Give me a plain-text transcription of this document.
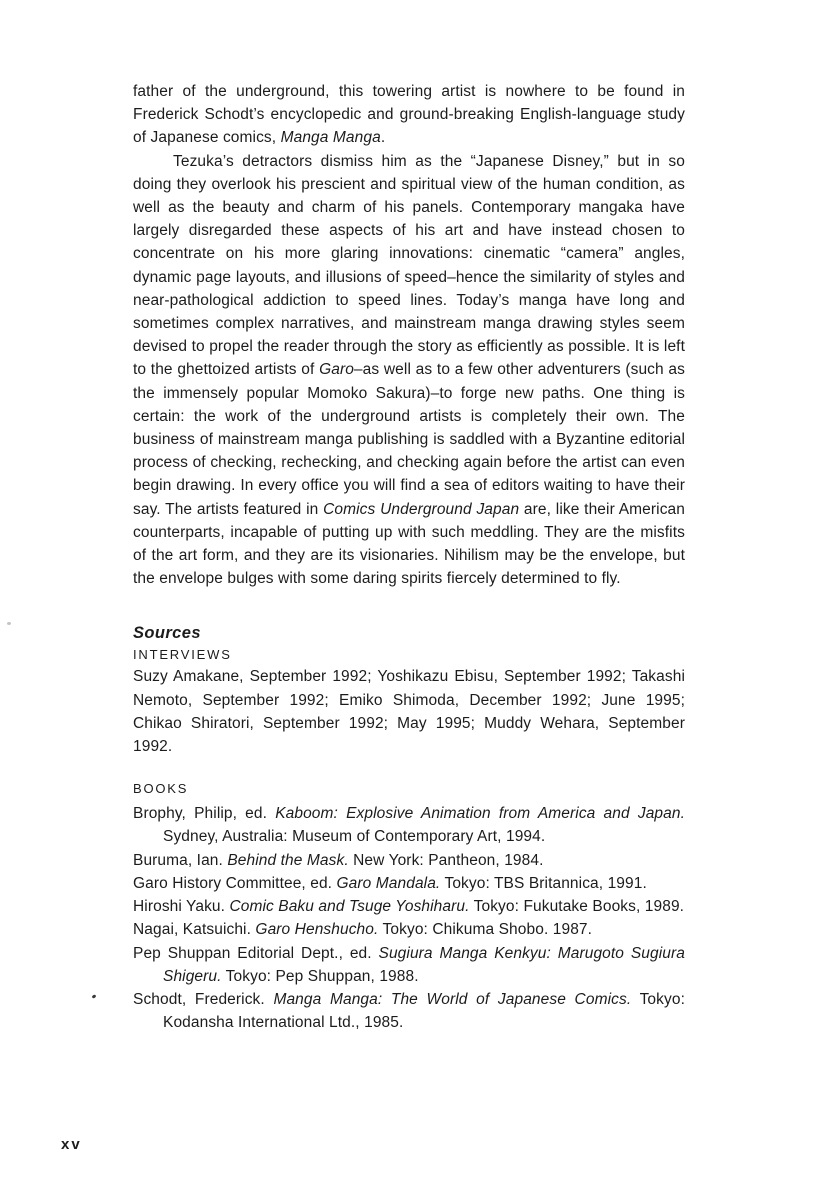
father of the underground, this towering artist is nowhere to be found in Frederick Schodt’s encyclopedic and ground-breaking English-language study of Japanese comics, Manga Manga.

Tezuka’s detractors dismiss him as the “Japanese Disney,” but in so doing they overlook his prescient and spiritual view of the human condition, as well as the beauty and charm of his panels. Contemporary mangaka have largely disregarded these aspects of his art and have instead chosen to concentrate on his more glaring innovations: cinematic “camera” angles, dynamic page layouts, and illusions of speed–hence the similarity of styles and near-pathological addiction to speed lines. Today’s manga have long and sometimes complex narratives, and mainstream manga drawing styles seem devised to propel the reader through the story as efficiently as possible. It is left to the ghettoized artists of Garo–as well as to a few other adventurers (such as the immensely popular Momoko Sakura)–to forge new paths. One thing is certain: the work of the underground artists is completely their own. The business of mainstream manga publishing is saddled with a Byzantine editorial process of checking, rechecking, and checking again before the artist can even begin drawing. In every office you will find a sea of editors waiting to have their say. The artists featured in Comics Underground Japan are, like their American counterparts, incapable of putting up with such meddling. They are the misfits of the art form, and they are its visionaries. Nihilism may be the envelope, but the envelope bulges with some daring spirits fiercely determined to fly.

Sources
INTERVIEWS

Suzy Amakane, September 1992; Yoshikazu Ebisu, September 1992; Takashi Nemoto, September 1992; Emiko Shimoda, December 1992; June 1995; Chikao Shiratori, September 1992; May 1995; Muddy Wehara, September 1992.

BOOKS
Brophy, Philip, ed. Kaboom: Explosive Animation from America and Japan. Sydney, Australia: Museum of Contemporary Art, 1994.
Buruma, Ian. Behind the Mask. New York: Pantheon, 1984.
Garo History Committee, ed. Garo Mandala. Tokyo: TBS Britannica, 1991.
Hiroshi Yaku. Comic Baku and Tsuge Yoshiharu. Tokyo: Fukutake Books, 1989.
Nagai, Katsuichi. Garo Henshucho. Tokyo: Chikuma Shobo. 1987.
Pep Shuppan Editorial Dept., ed. Sugiura Manga Kenkyu: Marugoto Sugiura Shigeru. Tokyo: Pep Shuppan, 1988.
Schodt, Frederick. Manga Manga: The World of Japanese Comics. Tokyo: Kodansha International Ltd., 1985.
xv
